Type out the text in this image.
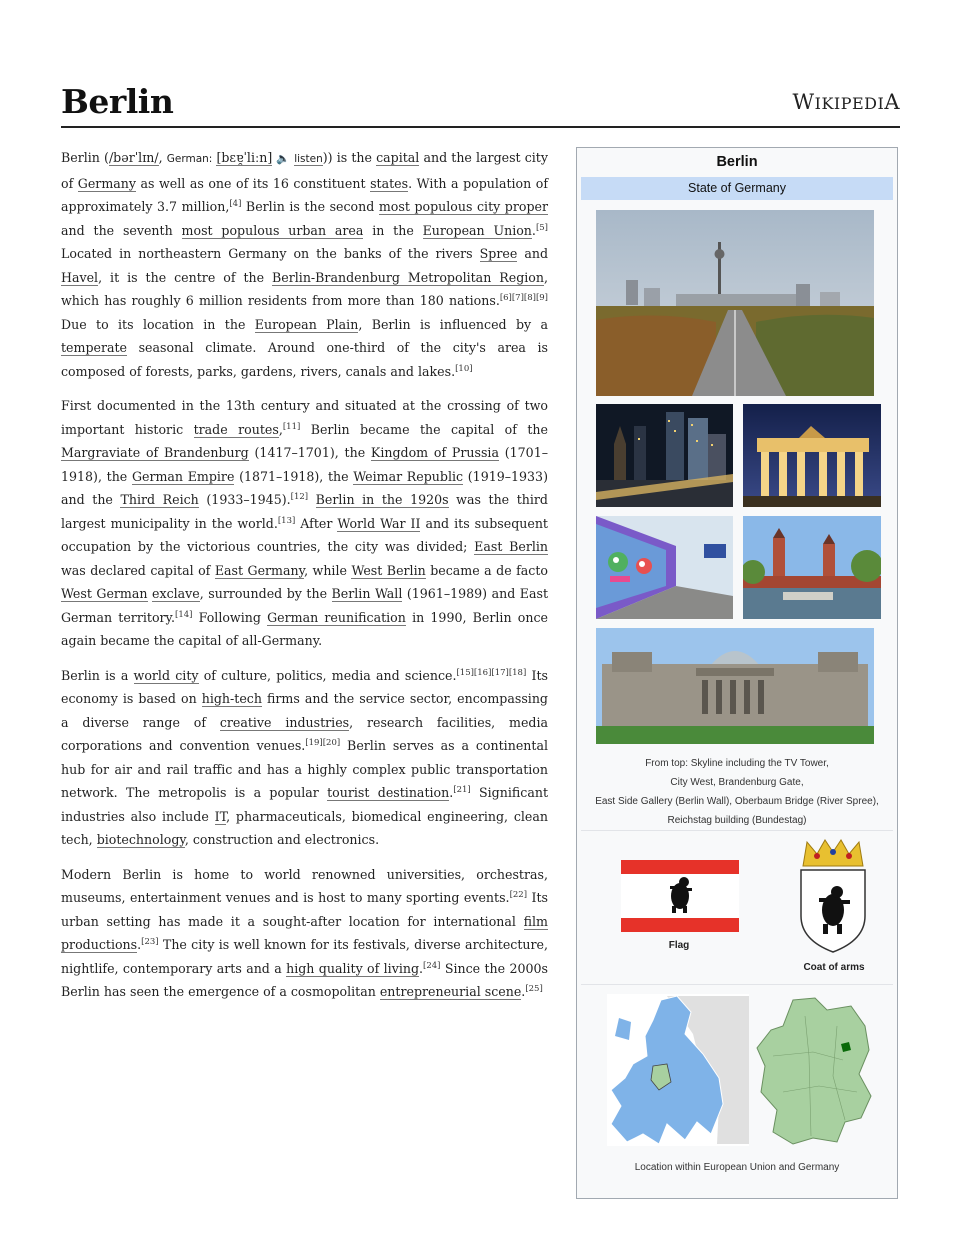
Berlin	WIKIPEDIA

Berlin (/bərˈlɪn/, German: [bɛɐ̯ˈliːn] 🔈 listen)) is the capital and the largest city of Germany as well as one of its 16 constituent states. With a population of approximately 3.7 million,[4] Berlin is the second most populous city proper and the seventh most populous urban area in the European Union.[5] Located in northeastern Germany on the banks of the rivers Spree and Havel, it is the centre of the Berlin-Brandenburg Metropolitan Region, which has roughly 6 million residents from more than 180 nations.[6][7][8][9] Due to its location in the European Plain, Berlin is influenced by a temperate seasonal climate. Around one-third of the city's area is composed of forests, parks, gardens, rivers, canals and lakes.[10]

First documented in the 13th century and situated at the crossing of two important historic trade routes,[11] Berlin became the capital of the Margraviate of Brandenburg (1417–1701), the Kingdom of Prussia (1701–1918), the German Empire (1871–1918), the Weimar Republic (1919–1933) and the Third Reich (1933–1945).[12] Berlin in the 1920s was the third largest municipality in the world.[13] After World War II and its subsequent occupation by the victorious countries, the city was divided; East Berlin was declared capital of East Germany, while West Berlin became a de facto West German exclave, surrounded by the Berlin Wall (1961–1989) and East German territory.[14] Following German reunification in 1990, Berlin once again became the capital of all-Germany.

Berlin is a world city of culture, politics, media and science.[15][16][17][18] Its economy is based on high-tech firms and the service sector, encompassing a diverse range of creative industries, research facilities, media corporations and convention venues.[19][20] Berlin serves as a continental hub for air and rail traffic and has a highly complex public transportation network. The metropolis is a popular tourist destination.[21] Significant industries also include IT, pharmaceuticals, biomedical engineering, clean tech, biotechnology, construction and electronics.

Modern Berlin is home to world renowned universities, orchestras, museums, entertainment venues and is host to many sporting events.[22] Its urban setting has made it a sought-after location for international film productions.[23] The city is well known for its festivals, diverse architecture, nightlife, contemporary arts and a high quality of living.[24] Since the 2000s Berlin has seen the emergence of a cosmopolitan entrepreneurial scene.[25]

Berlin
State of Germany
From top: Skyline including the TV Tower,
City West, Brandenburg Gate,
East Side Gallery (Berlin Wall), Oberbaum Bridge (River Spree),
Reichstag building (Bundestag)
Flag
Coat of arms
Location within European Union and Germany
